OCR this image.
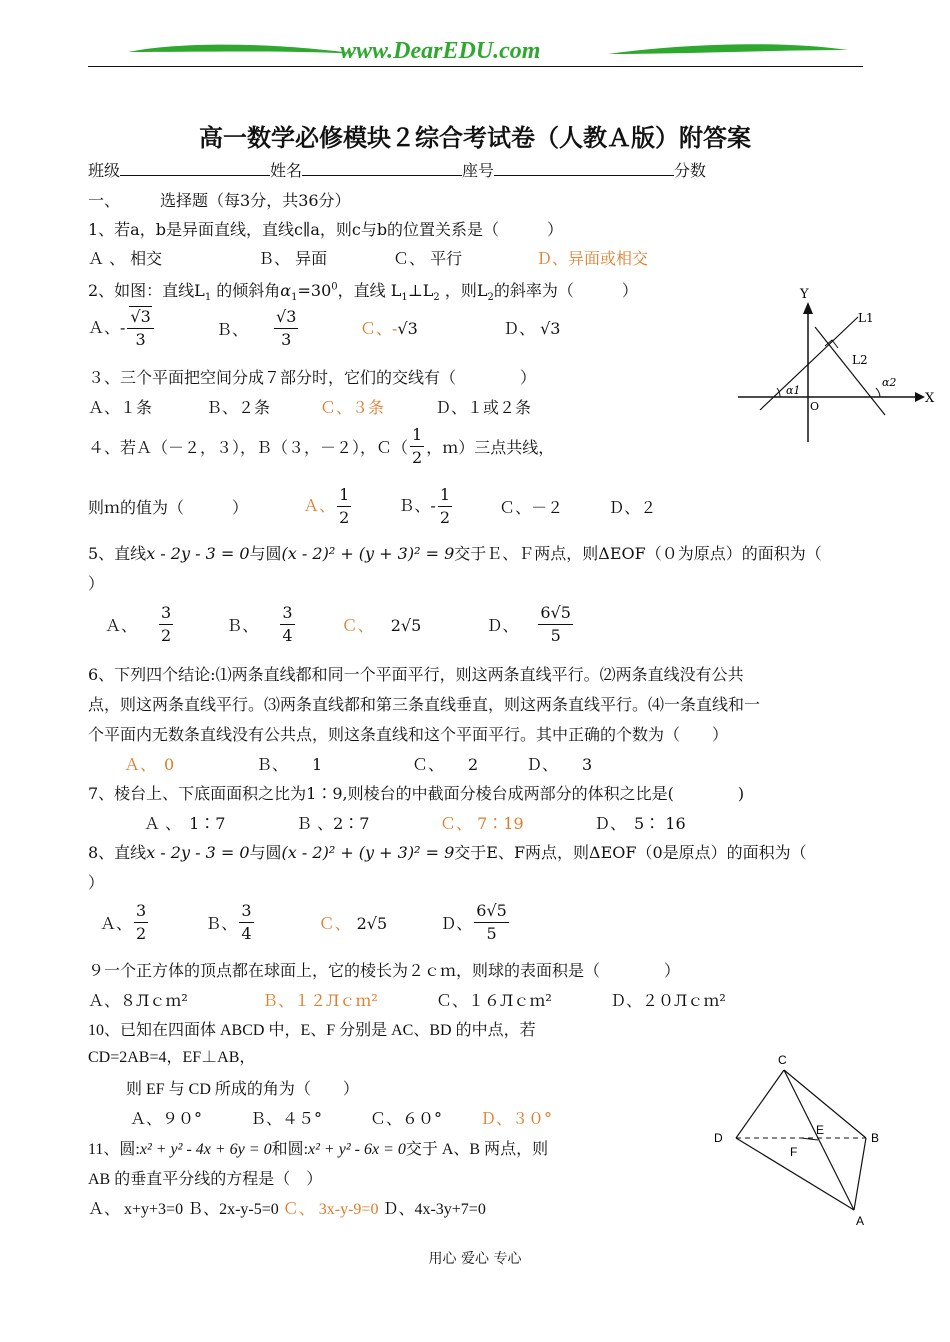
www.DearEDU.com
高一数学必修模块２综合考试卷（人教Ａ版）附答案
班级	姓名	座号	分数
一、	选择题（每3分，共36分）
1、若a，b是异面直线，直线c∥a，则c与b的位置关系是（　　　）
Ａ 、 相交	Ｂ、 异面	Ｃ、 平行	Ｄ、异面或相交
2、如图：直线$L_1$ 的倾斜角$\alpha_1=30^0$，直线 $L_1\perp L_2$ ，则$L_2$的斜率为（　　　）
Ａ、- $\frac{√3}{3}$	Ｂ、 $\frac{√3}{3}$	Ｃ、-√3	Ｄ、 √3
３、三个平面把空间分成７部分时，它们的交线有（　　　　）
Ａ、１条	Ｂ、２条	Ｃ、３条	Ｄ、１或２条
Y
X
O
L1
L2
α1
α2
４、若Ａ（－２，３），Ｂ（３，－２），Ｃ（ $\frac{1}{2}$ ，ｍ）三点共线，
则ｍ的值为（　　　）	Ａ、 $\frac{1}{2}$	Ｂ、- $\frac{1}{2}$	Ｃ、－２	Ｄ、２
5、直线x - 2y - 3 = 0与圆(x - 2)² + (y + 3)² = 9交于Ｅ、Ｆ两点，则ΔEOF（０为原点）的面积为（
）
Ａ、 $\frac{3}{2}$	Ｂ、 $\frac{3}{4}$	Ｃ、 2√5	Ｄ、 $\frac{6√5}{5}$
6、下列四个结论:⑴两条直线都和同一个平面平行，则这两条直线平行。⑵两条直线没有公共
点，则这两条直线平行。⑶两条直线都和第三条直线垂直，则这两条直线平行。⑷一条直线和一
个平面内无数条直线没有公共点，则这条直线和这个平面平行。其中正确的个数为（　　）
Ａ、　0	Ｂ、　　1	Ｃ、　　2	Ｄ、　　3
7、棱台上、下底面面积之比为1∶9,则棱台的中截面分棱台成两部分的体积之比是(　　　　)
Ａ 、　1∶7	Ｂ 、2∶7	Ｃ、 7∶19	Ｄ、　5∶ 16
8、直线x - 2y - 3 = 0与圆(x - 2)² + (y + 3)² = 9交于E、F两点，则ΔEOF（0是原点）的面积为（
）
Ａ、 $\frac{3}{2}$	Ｂ、 $\frac{3}{4}$	Ｃ、 2√5	Ｄ、 $\frac{6√5}{5}$
９一个正方体的顶点都在球面上，它的棱长为２ｃｍ，则球的表面积是（　　　　）
Ａ、８Лｃｍ²	Ｂ、１２Лｃｍ²	Ｃ、１６Лｃｍ²	Ｄ、２０Лｃｍ²
10、已知在四面体 ABCD 中，E、F 分别是 AC、BD 的中点，若
CD=2AB=4，EF⊥AB，
则 EF 与 CD 所成的角为（　　）
Ａ、９０°	Ｂ、４５°	Ｃ、６０° Ｄ、３０°
C
D	B
A
E
F
11、圆:x² + y² - 4x + 6y = 0和圆:x² + y² - 6x = 0交于 A、B 两点，则
AB 的垂直平分线的方程是（　）
Ａ、 x+y+3=0 Ｂ、2x-y-5=0 Ｃ、 3x-y-9=0 Ｄ、4x-3y+7=0
用心 爱心 专心
